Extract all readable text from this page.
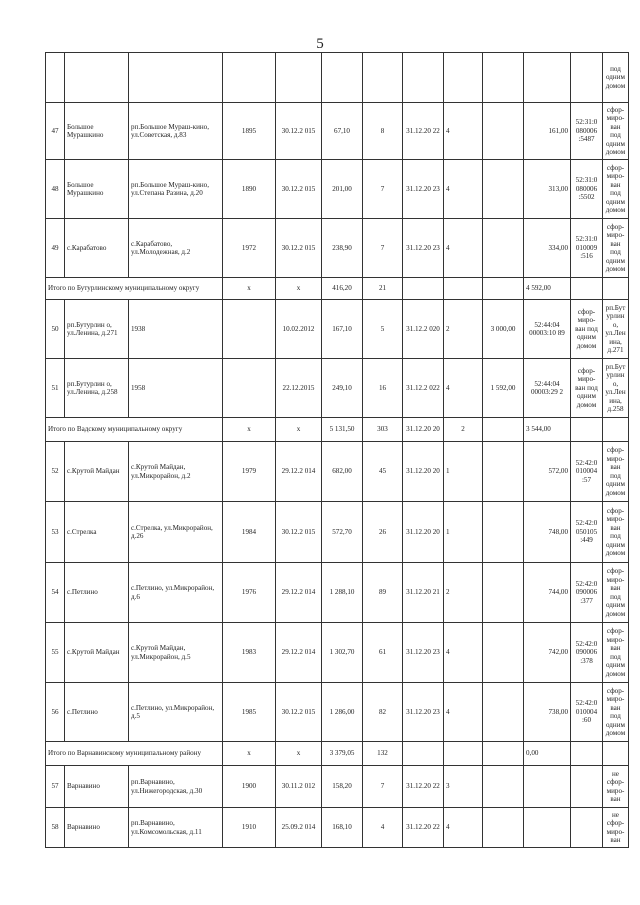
5
												под одним домом
47	Большое Мурашкино	рп.Большое Мураш-кино, ул.Советская, д.83	1895	30.12.2 015	67,10	8	31.12.20 22	4		161,00	52:31:0 080006 :5487	сфор-миро-ван под одним домом
48	Большое Мурашкино	рп.Большое Мураш-кино, ул.Степана Разина, д.20	1890	30.12.2 015	201,00	7	31.12.20 23	4		313,00	52:31:0 080006 :5502	сфор-миро-ван под одним домом
49	с.Карабатово	с.Карабатово, ул.Молодежная, д.2	1972	30.12.2 015	238,90	7	31.12.20 23	4		334,00	52:31:0 010009 :516	сфор-миро-ван под одним домом
Итого по Бутурлинскому муниципальному округу			х	х	416,20	21				4 592,00		
50	рп.Бутурлин о, ул.Ленина, д.271	1938		10.02.2012	167,10	5	31.12.2 020	2	3 000,00	52:44:04 00003:10 89	сфор-миро-ван под одним домом	рп.Бут урлин о, ул.Лен ина, д.271
51	рп.Бутурлин о, ул.Ленина, д.258	1958		22.12.2015	249,10	16	31.12.2 022	4	1 592,00	52:44:04 00003:29 2	сфор-миро-ван под одним домом	рп.Бут урлин о, ул.Лен ина, д.258
Итого по Вадскому муниципальному округу			х	х	5 131,50	303	31.12.20 20	2		3 544,00		
52	с.Крутой Майдан	с.Крутой Майдан, ул.Микрорайон, д.2	1979	29.12.2 014	682,00	45	31.12.20 20	1		572,00	52:42:0 010004 :57	сфор-миро-ван под одним домом
53	с.Стрелка	с.Стрелка, ул.Микрорайон, д.26	1984	30.12.2 015	572,70	26	31.12.20 20	1		748,00	52:42:0 050105 :449	сфор-миро-ван под одним домом
54	с.Петлино	с.Петлино, ул.Микрорайон, д.6	1976	29.12.2 014	1 288,10	89	31.12.20 21	2		744,00	52:42:0 090006 :377	сфор-миро-ван под одним домом
55	с.Крутой Майдан	с.Крутой Майдан, ул.Микрорайон, д.5	1983	29.12.2 014	1 302,70	61	31.12.20 23	4		742,00	52:42:0 090006 :378	сфор-миро-ван под одним домом
56	с.Петлино	с.Петлино, ул.Микрорайон, д.5	1985	30.12.2 015	1 286,00	82	31.12.20 23	4		738,00	52:42:0 010004 :60	сфор-миро-ван под одним домом
Итого по Варнавинскому муниципальному району			х	х	3 379,05	132				0,00		
57	Варнавино	рп.Варнавино, ул.Нижегородская, д.30	1900	30.11.2 012	158,20	7	31.12.20 22	3				не сфор-миро-ван
58	Варнавино	рп.Варнавино, ул.Комсомольская, д.11	1910	25.09.2 014	168,10	4	31.12.20 22	4				не сфор-миро-ван
